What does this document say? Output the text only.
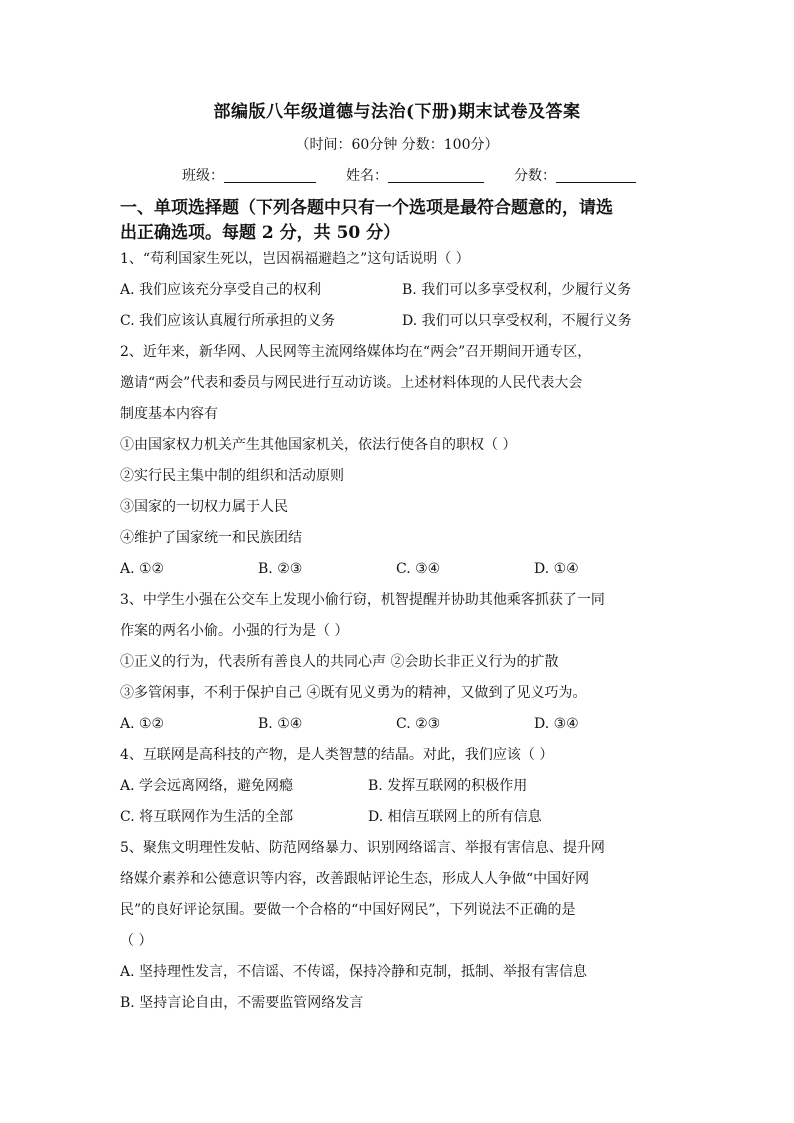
部编版八年级道德与法治(下册)期末试卷及答案
（时间：60分钟 分数：100分）
班级：	姓名：	分数：
一、单项选择题（下列各题中只有一个选项是最符合题意的，请选
出正确选项。每题 2 分，共 50 分）
1、“苟利国家生死以，岂因祸福避趋之”这句话说明（ ）
A. 我们应该充分享受自己的权利	B. 我们可以多享受权利，少履行义务
C. 我们应该认真履行所承担的义务	D. 我们可以只享受权利，不履行义务
2、近年来，新华网、人民网等主流网络媒体均在“两会”召开期间开通专区，
邀请“两会”代表和委员与网民进行互动访谈。上述材料体现的人民代表大会
制度基本内容有
①由国家权力机关产生其他国家机关，依法行使各自的职权（ ）
②实行民主集中制的组织和活动原则
③国家的一切权力属于人民
④维护了国家统一和民族团结
A. ①②	B. ②③	C. ③④	D. ①④
3、中学生小强在公交车上发现小偷行窃，机智提醒并协助其他乘客抓获了一同
作案的两名小偷。小强的行为是（ ）
①正义的行为，代表所有善良人的共同心声 ②会助长非正义行为的扩散
③多管闲事，不利于保护自己 ④既有见义勇为的精神，又做到了见义巧为。
A. ①②	B. ①④	C. ②③	D. ③④
4、互联网是高科技的产物，是人类智慧的结晶。对此，我们应该（ ）
A. 学会远离网络，避免网瘾	B. 发挥互联网的积极作用
C. 将互联网作为生活的全部	D. 相信互联网上的所有信息
5、聚焦文明理性发帖、防范网络暴力、识别网络谣言、举报有害信息、提升网
络媒介素养和公德意识等内容，改善跟帖评论生态，形成人人争做“中国好网
民”的良好评论氛围。要做一个合格的“中国好网民”，下列说法不正确的是
（ ）
A. 坚持理性发言，不信谣、不传谣，保持冷静和克制，抵制、举报有害信息
B. 坚持言论自由，不需要监管网络发言
